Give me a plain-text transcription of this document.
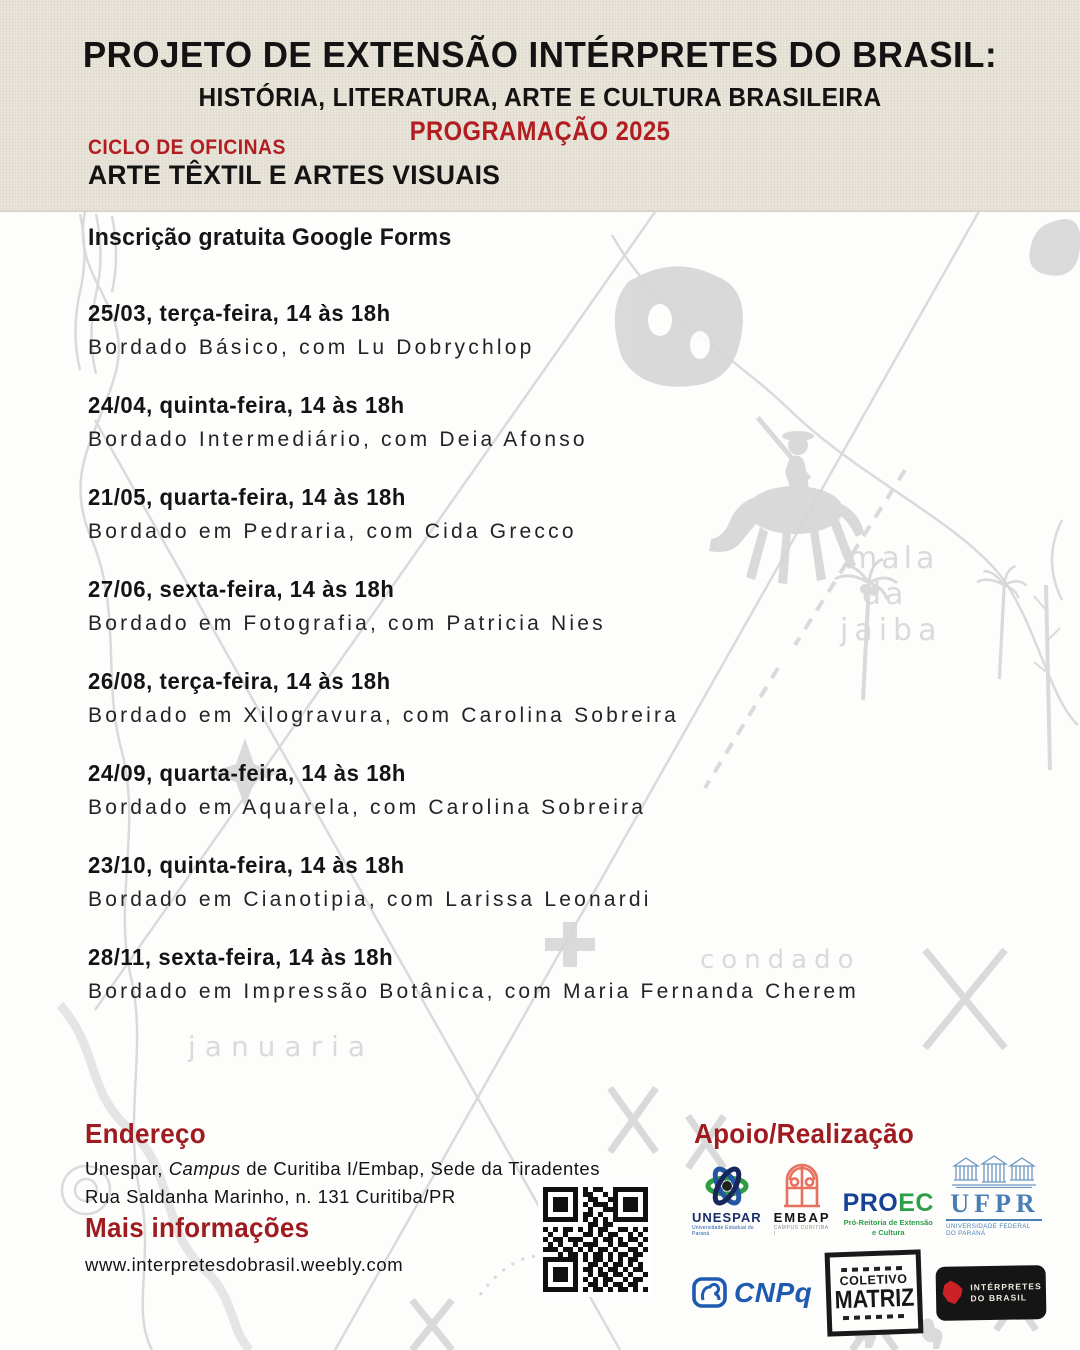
mala
da
jaiba
condado
januaria
PROJETO DE EXTENSÃO INTÉRPRETES DO BRASIL:
HISTÓRIA, LITERATURA, ARTE E CULTURA BRASILEIRA
PROGRAMAÇÃO 2025
CICLO DE OFICINAS
ARTE TÊXTIL E ARTES VISUAIS
Inscrição gratuita Google Forms
25/03, terça-feira, 14 às 18h
Bordado Básico, com Lu Dobrychlop
24/04, quinta-feira, 14 às 18h
Bordado Intermediário, com Deia Afonso
21/05, quarta-feira, 14 às 18h
Bordado em Pedraria, com Cida Grecco
27/06, sexta-feira, 14 às 18h
Bordado em Fotografia, com Patricia Nies
26/08, terça-feira, 14 às 18h
Bordado em Xilogravura, com Carolina Sobreira
24/09, quarta-feira, 14 às 18h
Bordado em Aquarela, com Carolina Sobreira
23/10, quinta-feira, 14 às 18h
Bordado em Cianotipia, com Larissa Leonardi
28/11, sexta-feira, 14 às 18h
Bordado em Impressão Botânica, com Maria Fernanda Cherem
Endereço
Unespar, Campus de Curitiba I/Embap, Sede da Tiradentes
Rua Saldanha Marinho, n. 131 Curitiba/PR
Mais informações
www.interpretesdobrasil.weebly.com
Apoio/Realização
UNESPAR
Universidade Estadual do Paraná
EMBAP
CAMPUS CURITIBA I
PROEC
Pró-Reitoria de Extensão
e Cultura
UFPR
UNIVERSIDADE FEDERAL DO PARANÁ
CNPq COLETIVO
MATRIZ	INTÉRPRETES
DO BRASIL
